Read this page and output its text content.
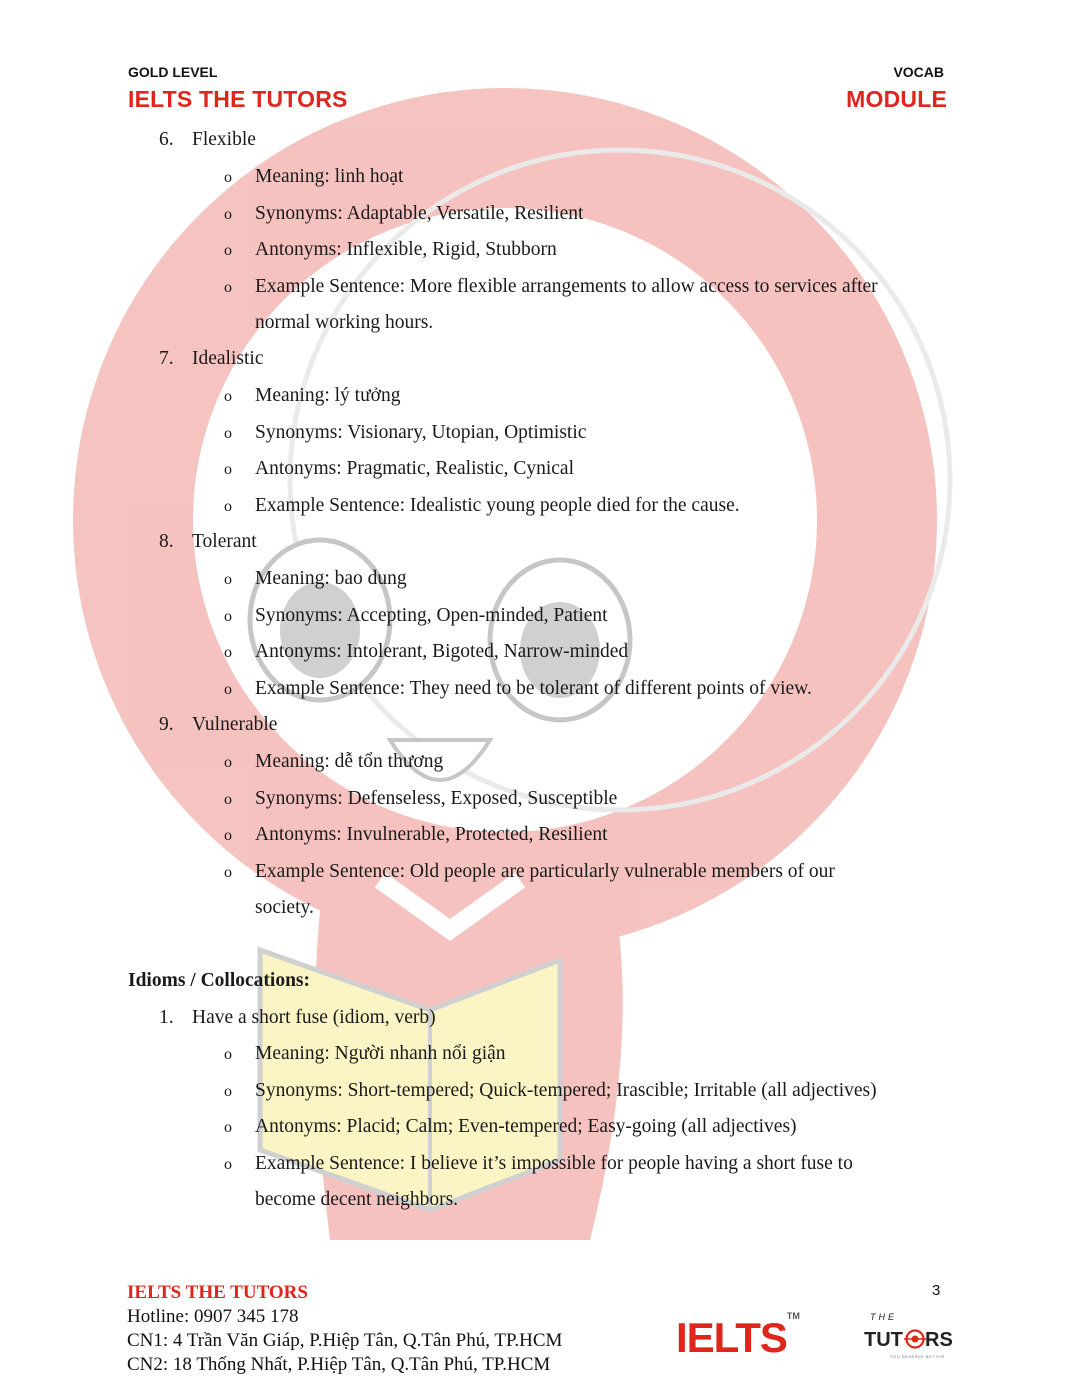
GOLD LEVEL
IELTS THE TUTORS
VOCAB
MODULE
6. Flexible
o Meaning: linh hoạt
o Synonyms: Adaptable, Versatile, Resilient
o Antonyms: Inflexible, Rigid, Stubborn
o Example Sentence: More flexible arrangements to allow access to services after
normal working hours.
7. Idealistic
o Meaning: lý tưởng
o Synonyms: Visionary, Utopian, Optimistic
o Antonyms: Pragmatic, Realistic, Cynical
o Example Sentence: Idealistic young people died for the cause.
8. Tolerant
o Meaning: bao dung
o Synonyms: Accepting, Open-minded, Patient
o Antonyms: Intolerant, Bigoted, Narrow-minded
o Example Sentence: They need to be tolerant of different points of view.
9. Vulnerable
o Meaning: dễ tổn thương
o Synonyms: Defenseless, Exposed, Susceptible
o Antonyms: Invulnerable, Protected, Resilient
o Example Sentence: Old people are particularly vulnerable members of our
society.
Idioms / Collocations:
1. Have a short fuse (idiom, verb)
o Meaning: Người nhanh nổi giận
o Synonyms: Short-tempered; Quick-tempered; Irascible; Irritable (all adjectives)
o Antonyms: Placid; Calm; Even-tempered; Easy-going (all adjectives)
o Example Sentence: I believe it’s impossible for people having a short fuse to
become decent neighbors.
IELTS THE TUTORS
Hotline: 0907 345 178
CN1: 4 Trần Văn Giáp, P.Hiệp Tân, Q.Tân Phú, TP.HCM
CN2: 18 Thống Nhất, P.Hiệp Tân, Q.Tân Phú, TP.HCM
3
IELTS™	THE
TUT RS
YOU DESERVE BETTER
